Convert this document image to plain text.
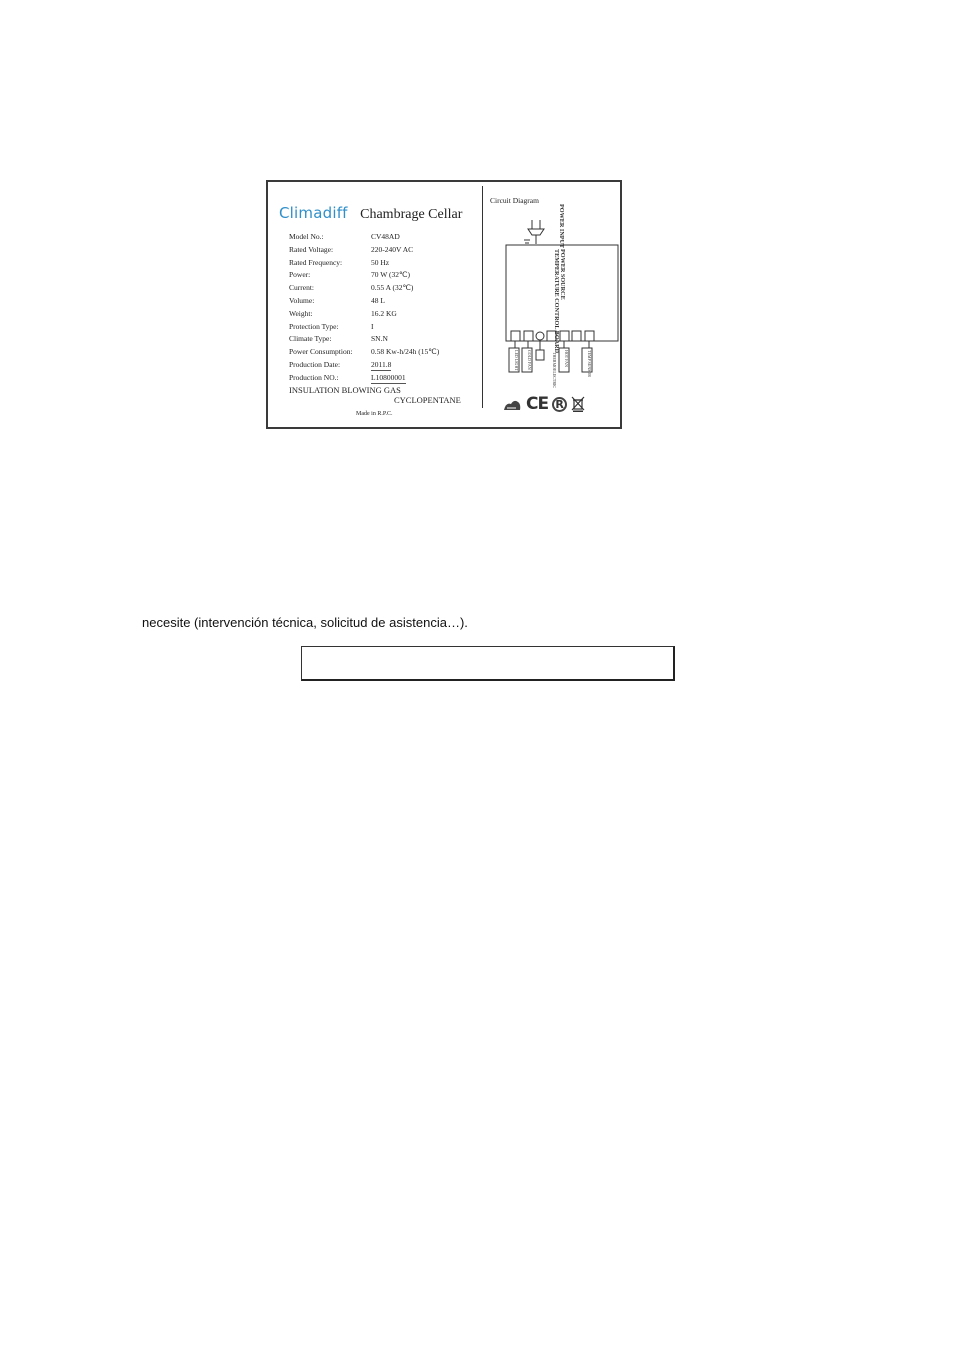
Climadiff Chambrage Cellar
Model No.:	CV48AD
Rated Voltage:	220-240V AC
Rated Frequency:	50 Hz
Power:	70 W (32℃)
Current:	0.55 A (32℃)
Volume:	48 L
Weight:	16.2 KG
Protection Type:	I
Climate Type:	SN.N
Power Consumption: 0.58 Kw-h/24h (15℃)
Production Date:	2011.8
Production NO.:	L10800001
INSULATION BLOWING GAS
CYCLOPENTANE
Made in R.P.C.
Circuit Diagram
POWER INPUT
POWER SOURCE
TEMPERATURE CONTROL BOARD
LED LIGHT COLD FAN	THERMOELECTRIC HOT FAN	TEMP SENSOR
CE R
necesite (intervención técnica, solicitud de asistencia…).
